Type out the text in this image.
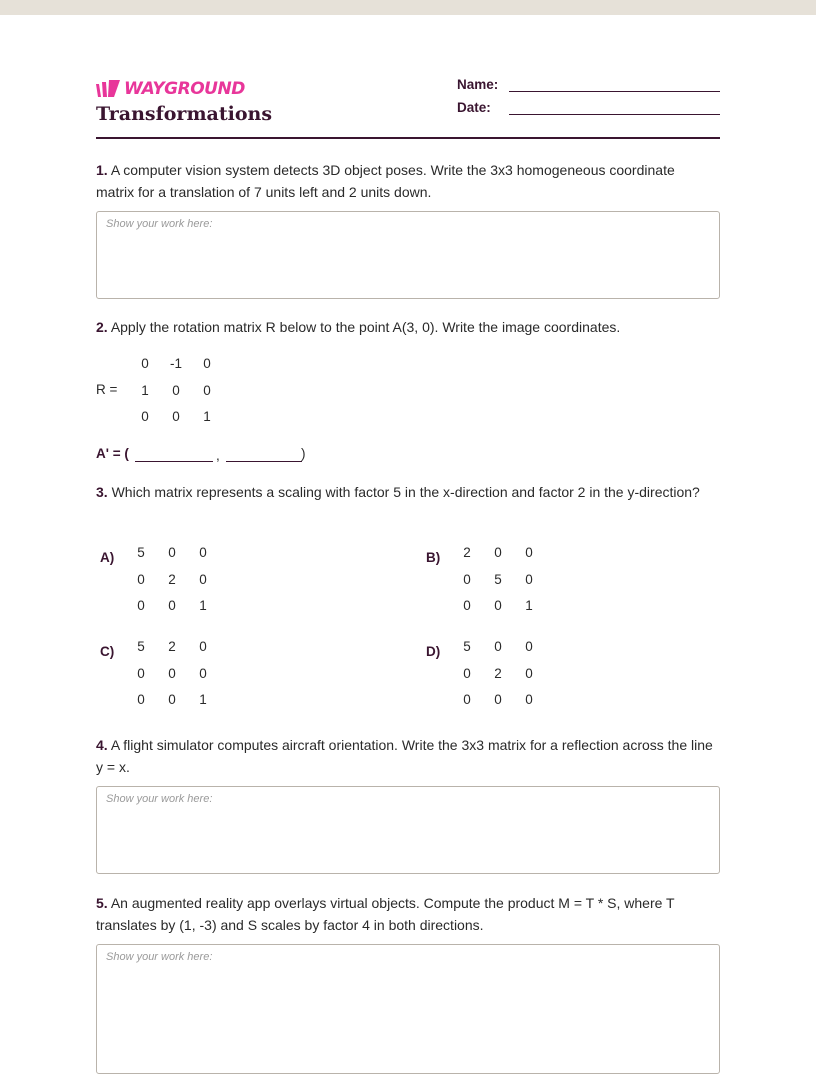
WAYGROUND
Transformations
Name:
Date:
1. A computer vision system detects 3D object poses. Write the 3x3 homogeneous coordinate matrix for a translation of 7 units left and 2 units down.
Show your work here:
2. Apply the rotation matrix R below to the point A(3, 0). Write the image coordinates.
R =
A' = (	,	)
3. Which matrix represents a scaling with factor 5 in the x-direction and factor 2 in the y-direction?
A)	B)
C)	D)
4. A flight simulator computes aircraft orientation. Write the 3x3 matrix for a reflection across the line y = x.
Show your work here:
5. An augmented reality app overlays virtual objects. Compute the product M = T * S, where T translates by (1, -3) and S scales by factor 4 in both directions.
Show your work here:
0	-1	0
1	0	0
0	0	1
5	0	0
0	2	0
0	0	1
2	0	0
0	5	0
0	0	1
5	2	0
0	0	0
0	0	1
5	0	0
0	2	0
0	0	0
